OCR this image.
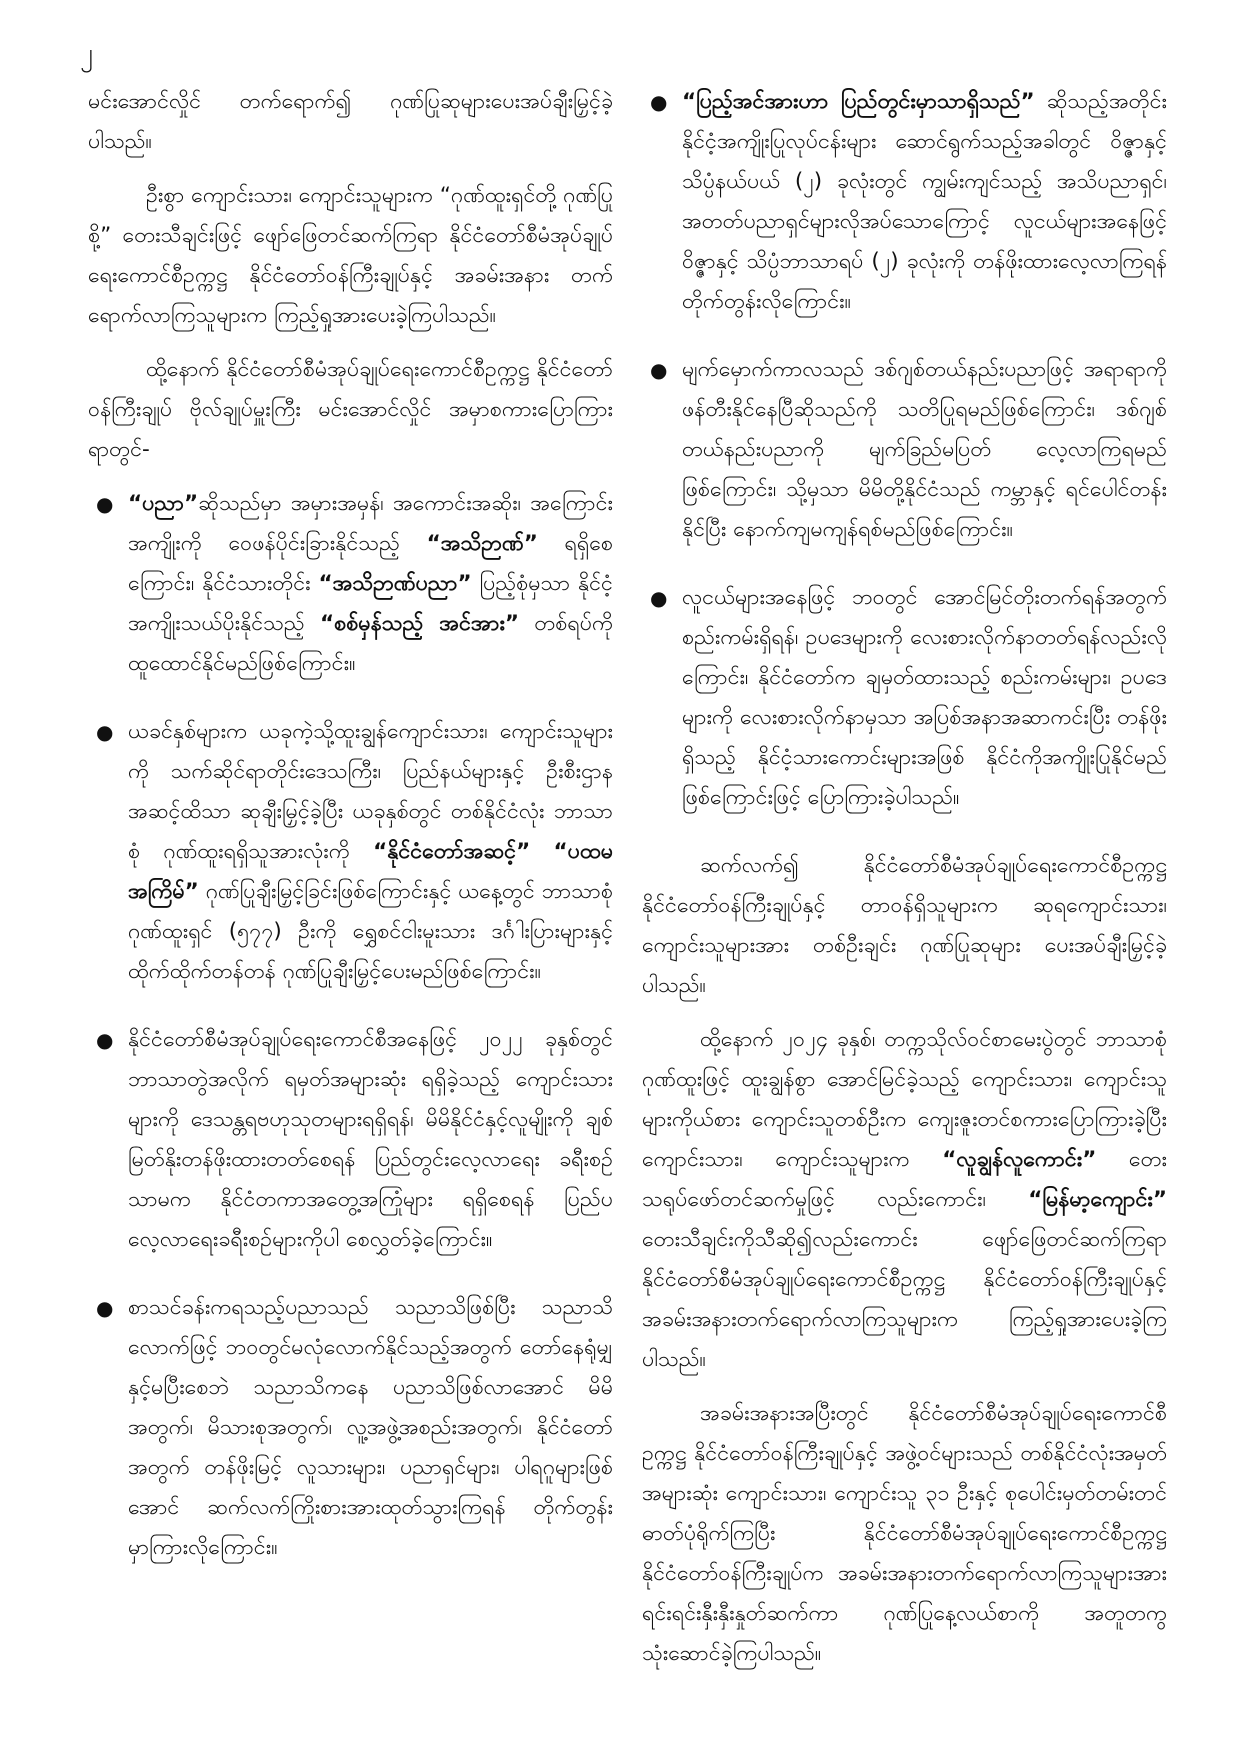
၂

မင်းအောင်လှိုင် တက်ရောက်၍ ဂုဏ်ပြုဆုများပေးအပ်ချီးမြှင့်ခဲ့ပါသည်။

ဦးစွာ ကျောင်းသား၊ ကျောင်းသူများက “ဂုဏ်ထူးရှင်တို့ ဂုဏ်ပြုစို့” တေးသီချင်းဖြင့် ဖျော်ဖြေတင်ဆက်ကြရာ နိုင်ငံတော်စီမံအုပ်ချုပ်ရေးကောင်စီဥက္ကဋ္ဌ နိုင်ငံတော်ဝန်ကြီးချုပ်နှင့် အခမ်းအနား တက်ရောက်လာကြသူများက ကြည့်ရှုအားပေးခဲ့ကြပါသည်။

ထို့နောက် နိုင်ငံတော်စီမံအုပ်ချုပ်ရေးကောင်စီဥက္ကဋ္ဌ နိုင်ငံတော်ဝန်ကြီးချုပ် ဗိုလ်ချုပ်မှူးကြီး မင်းအောင်လှိုင် အမှာစကားပြောကြားရာတွင်-

● “ပညာ”ဆိုသည်မှာ အမှားအမှန်၊ အကောင်းအဆိုး၊ အကြောင်းအကျိုးကို ဝေဖန်ပိုင်းခြားနိုင်သည့် “အသိဉာဏ်” ရရှိစေကြောင်း၊ နိုင်ငံသားတိုင်း “အသိဉာဏ်ပညာ” ပြည့်စုံမှသာ နိုင်ငံ့အကျိုးသယ်ပိုးနိုင်သည့် “စစ်မှန်သည့် အင်အား” တစ်ရပ်ကို ထူထောင်နိုင်မည်ဖြစ်ကြောင်း။
● ယခင်နှစ်များက ယခုကဲ့သို့ထူးချွန်ကျောင်းသား၊ ကျောင်းသူများကို သက်ဆိုင်ရာတိုင်းဒေသကြီး၊ ပြည်နယ်များနှင့် ဦးစီးဌာနအဆင့်ထိသာ ဆုချီးမြှင့်ခဲ့ပြီး ယခုနှစ်တွင် တစ်နိုင်ငံလုံး ဘာသာစုံ ဂုဏ်ထူးရရှိသူအားလုံးကို “နိုင်ငံတော်အဆင့်” “ပထမအကြိမ်” ဂုဏ်ပြုချီးမြှင့်ခြင်းဖြစ်ကြောင်းနှင့် ယနေ့တွင် ဘာသာစုံဂုဏ်ထူးရှင် (၅၇၇) ဦးကို ရွှေစင်ငါးမူးသား ဒင်္ဂါးပြားများနှင့် ထိုက်ထိုက်တန်တန် ဂုဏ်ပြုချီးမြှင့်ပေးမည်ဖြစ်ကြောင်း။
● နိုင်ငံတော်စီမံအုပ်ချုပ်ရေးကောင်စီအနေဖြင့် ၂၀၂၂ ခုနှစ်တွင် ဘာသာတွဲအလိုက် ရမှတ်အများဆုံး ရရှိခဲ့သည့် ကျောင်းသားများကို ဒေသန္တရဗဟုသုတများရရှိရန်၊ မိမိနိုင်ငံနှင့်လူမျိုးကို ချစ်မြတ်နိုးတန်ဖိုးထားတတ်စေရန် ပြည်တွင်းလေ့လာရေး ခရီးစဉ်သာမက နိုင်ငံတကာအတွေ့အကြုံများ ရရှိစေရန် ပြည်ပလေ့လာရေးခရီးစဉ်များကိုပါ စေလွှတ်ခဲ့ကြောင်း။
● စာသင်ခန်းကရသည့်ပညာသည် သညာသိဖြစ်ပြီး သညာသိလောက်ဖြင့် ဘဝတွင်မလုံလောက်နိုင်သည့်အတွက် တော်နေရုံမျှနှင့်မပြီးစေဘဲ သညာသိကနေ ပညာသိဖြစ်လာအောင် မိမိအတွက်၊ မိသားစုအတွက်၊ လူ့အဖွဲ့အစည်းအတွက်၊ နိုင်ငံတော်အတွက် တန်ဖိုးမြင့် လူသားများ၊ ပညာရှင်များ၊ ပါရဂူများဖြစ်အောင် ဆက်လက်ကြိုးစားအားထုတ်သွားကြရန် တိုက်တွန်းမှာကြားလိုကြောင်း။
● “ပြည့်အင်အားဟာ ပြည်တွင်းမှာသာရှိသည်” ဆိုသည့်အတိုင်း နိုင်ငံ့အကျိုးပြုလုပ်ငန်းများ ဆောင်ရွက်သည့်အခါတွင် ဝိဇ္ဇာနှင့် သိပ္ပံနယ်ပယ် (၂) ခုလုံးတွင် ကျွမ်းကျင်သည့် အသိပညာရှင်၊ အတတ်ပညာရှင်များလိုအပ်သောကြောင့် လူငယ်များအနေဖြင့် ဝိဇ္ဇာနှင့် သိပ္ပံဘာသာရပ် (၂) ခုလုံးကို တန်ဖိုးထားလေ့လာကြရန် တိုက်တွန်းလိုကြောင်း။
● မျက်မှောက်ကာလသည် ဒစ်ဂျစ်တယ်နည်းပညာဖြင့် အရာရာကို ဖန်တီးနိုင်နေပြီဆိုသည်ကို သတိပြုရမည်ဖြစ်ကြောင်း၊ ဒစ်ဂျစ်တယ်နည်းပညာကို မျက်ခြည်မပြတ် လေ့လာကြရမည်ဖြစ်ကြောင်း၊ သို့မှသာ မိမိတို့နိုင်ငံသည် ကမ္ဘာနှင့် ရင်ပေါင်တန်းနိုင်ပြီး နောက်ကျမကျန်ရစ်မည်ဖြစ်ကြောင်း။
● လူငယ်များအနေဖြင့် ဘဝတွင် အောင်မြင်တိုးတက်ရန်အတွက် စည်းကမ်းရှိရန်၊ ဥပဒေများကို လေးစားလိုက်နာတတ်ရန်လည်းလိုကြောင်း၊ နိုင်ငံတော်က ချမှတ်ထားသည့် စည်းကမ်းများ၊ ဥပဒေများကို လေးစားလိုက်နာမှသာ အပြစ်အနာအဆာကင်းပြီး တန်ဖိုးရှိသည့် နိုင်ငံ့သားကောင်းများအဖြစ် နိုင်ငံကိုအကျိုးပြုနိုင်မည်ဖြစ်ကြောင်းဖြင့် ပြောကြားခဲ့ပါသည်။

ဆက်လက်၍ နိုင်ငံတော်စီမံအုပ်ချုပ်ရေးကောင်စီဥက္ကဋ္ဌ နိုင်ငံတော်ဝန်ကြီးချုပ်နှင့် တာဝန်ရှိသူများက ဆုရကျောင်းသား၊ ကျောင်းသူများအား တစ်ဦးချင်း ဂုဏ်ပြုဆုများ ပေးအပ်ချီးမြှင့်ခဲ့ပါသည်။

ထို့နောက် ၂၀၂၄ ခုနှစ်၊ တက္ကသိုလ်ဝင်စာမေးပွဲတွင် ဘာသာစုံဂုဏ်ထူးဖြင့် ထူးချွန်စွာ အောင်မြင်ခဲ့သည့် ကျောင်းသား၊ ကျောင်းသူများကိုယ်စား ကျောင်းသူတစ်ဦးက ကျေးဇူးတင်စကားပြောကြားခဲ့ပြီး ကျောင်းသား၊ ကျောင်းသူများက “လူချွန်လူကောင်း” တေးသရုပ်ဖော်တင်ဆက်မှုဖြင့် လည်းကောင်း၊ “မြန်မာ့ကျောင်း” တေးသီချင်းကိုသီဆို၍လည်းကောင်း ဖျော်ဖြေတင်ဆက်ကြရာ နိုင်ငံတော်စီမံအုပ်ချုပ်ရေးကောင်စီဥက္ကဋ္ဌ နိုင်ငံတော်ဝန်ကြီးချုပ်နှင့် အခမ်းအနားတက်ရောက်လာကြသူများက ကြည့်ရှုအားပေးခဲ့ကြပါသည်။

အခမ်းအနားအပြီးတွင် နိုင်ငံတော်စီမံအုပ်ချုပ်ရေးကောင်စီဥက္ကဋ္ဌ နိုင်ငံတော်ဝန်ကြီးချုပ်နှင့် အဖွဲ့ဝင်များသည် တစ်နိုင်ငံလုံးအမှတ်အများဆုံး ကျောင်းသား၊ ကျောင်းသူ ၃၁ ဦးနှင့် စုပေါင်းမှတ်တမ်းတင်ဓာတ်ပုံရိုက်ကြပြီး နိုင်ငံတော်စီမံအုပ်ချုပ်ရေးကောင်စီဥက္ကဋ္ဌ နိုင်ငံတော်ဝန်ကြီးချုပ်က အခမ်းအနားတက်ရောက်လာကြသူများအား ရင်းရင်းနှီးနှီးနှုတ်ဆက်ကာ ဂုဏ်ပြုနေ့လယ်စာကို အတူတကွ သုံးဆောင်ခဲ့ကြပါသည်။
